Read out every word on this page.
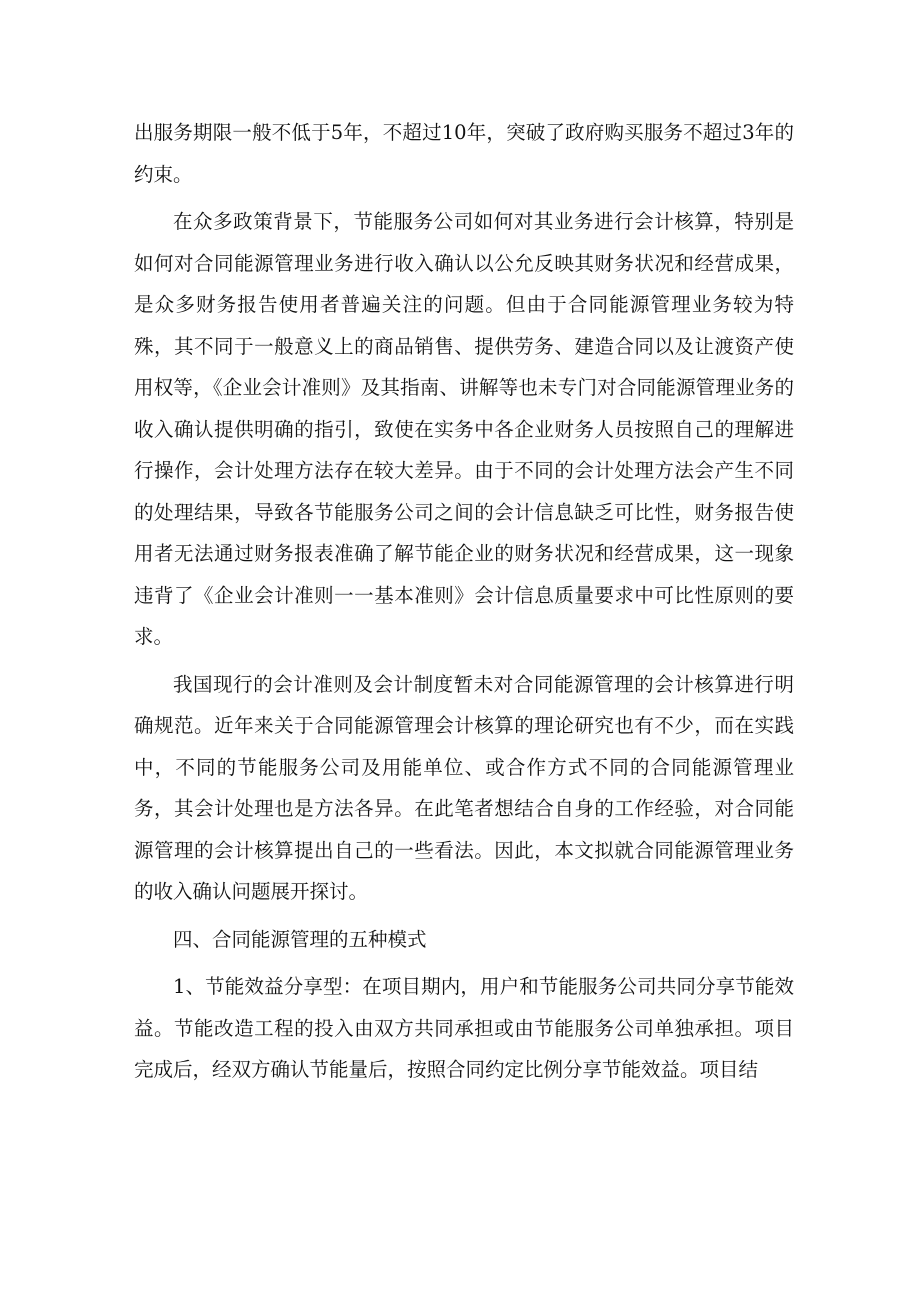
出服务期限一般不低于5年，不超过10年，突破了政府购买服务不超过3年的约束。

在众多政策背景下，节能服务公司如何对其业务进行会计核算，特别是如何对合同能源管理业务进行收入确认以公允反映其财务状况和经营成果，是众多财务报告使用者普遍关注的问题。但由于合同能源管理业务较为特殊，其不同于一般意义上的商品销售、提供劳务、建造合同以及让渡资产使用权等，《企业会计准则》及其指南、讲解等也未专门对合同能源管理业务的收入确认提供明确的指引，致使在实务中各企业财务人员按照自己的理解进行操作，会计处理方法存在较大差异。由于不同的会计处理方法会产生不同的处理结果，导致各节能服务公司之间的会计信息缺乏可比性，财务报告使用者无法通过财务报表准确了解节能企业的财务状况和经营成果，这一现象违背了《企业会计准则一一基本准则》会计信息质量要求中可比性原则的要求。

我国现行的会计准则及会计制度暂未对合同能源管理的会计核算进行明确规范。近年来关于合同能源管理会计核算的理论研究也有不少，而在实践中，不同的节能服务公司及用能单位、或合作方式不同的合同能源管理业务，其会计处理也是方法各异。在此笔者想结合自身的工作经验，对合同能源管理的会计核算提出自己的一些看法。因此，本文拟就合同能源管理业务的收入确认问题展开探讨。

四、合同能源管理的五种模式

1、节能效益分享型：在项目期内，用户和节能服务公司共同分享节能效益。节能改造工程的投入由双方共同承担或由节能服务公司单独承担。项目完成后，经双方确认节能量后，按照合同约定比例分享节能效益。项目结
